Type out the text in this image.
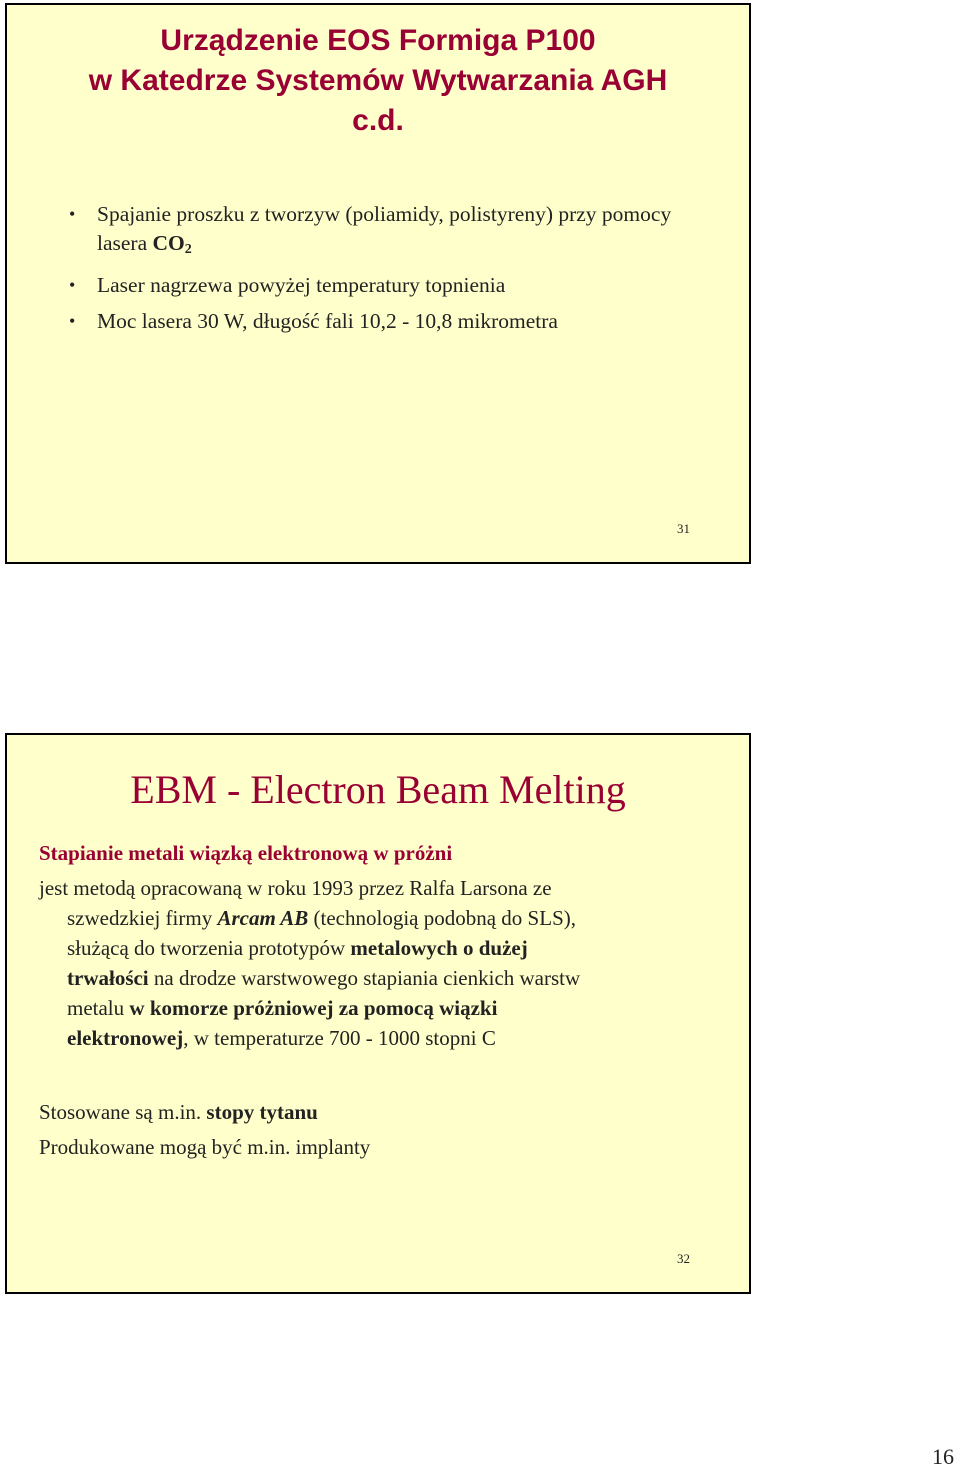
Urządzenie EOS Formiga P100
w Katedrze Systemów Wytwarzania AGH
c.d.
• Spajanie proszku z tworzyw (poliamidy, polistyreny) przy pomocy lasera $CO_2$
• Laser nagrzewa powyżej temperatury topnienia
• Moc lasera 30 W, długość fali 10,2 - 10,8 mikrometra
31
EBM - Electron Beam Melting
Stapianie metali wiązką elektronową w próżni
jest metodą opracowaną w roku 1993 przez Ralfa Larsona ze
szwedzkiej firmy Arcam AB (technologią podobną do SLS),
służącą do tworzenia prototypów metalowych o dużej
trwałości na drodze warstwowego stapiania cienkich warstw
metalu w komorze próżniowej za pomocą wiązki
elektronowej, w temperaturze 700 - 1000 stopni C
Stosowane są m.in. stopy tytanu
Produkowane mogą być m.in. implanty
32
16
